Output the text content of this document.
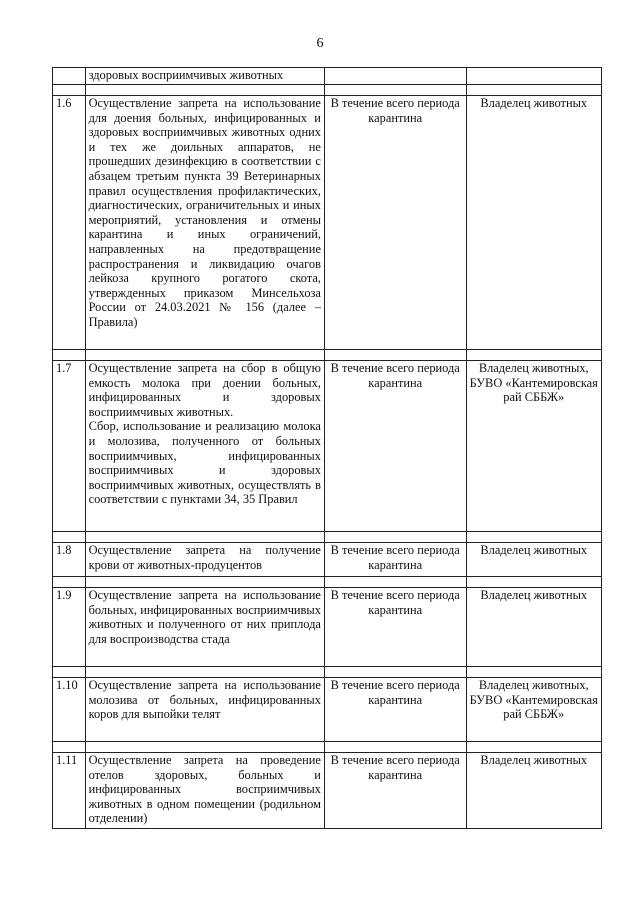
6
	здоровых восприимчивых животных		

1.6	Осуществление запрета на использование для доения больных, инфицированных и здоровых восприимчивых животных одних и тех же доильных аппаратов, не прошедших дезинфекцию в соответствии с абзацем третьим пункта 39 Ветеринарных правил осуществления профилактических, диагностических, ограничительных и иных мероприятий, установления и отмены карантина и иных ограничений, направленных на предотвращение распространения и ликвидацию очагов лейкоза крупного рогатого скота, утвержденных приказом Минсельхоза России от 24.03.2021 № 156 (далее – Правила)	В течение всего периода карантина	Владелец животных

1.7	Осуществление запрета на сбор в общую емкость молока при доении больных, инфицированных и здоровых восприимчивых животных.
Сбор, использование и реализацию молока и молозива, полученного от больных восприимчивых, инфицированных восприимчивых и здоровых восприимчивых животных, осуществлять в соответствии с пунктами 34, 35 Правил	В течение всего периода карантина	Владелец животных, БУВО «Кантемировская рай СББЖ»

1.8	Осуществление запрета на получение крови от животных-продуцентов	В течение всего периода карантина	Владелец животных

1.9	Осуществление запрета на использование больных, инфицированных восприимчивых животных и полученного от них приплода для воспроизводства стада	В течение всего периода карантина	Владелец животных

1.10	Осуществление запрета на использование молозива от больных, инфицированных коров для выпойки телят	В течение всего периода карантина	Владелец животных, БУВО «Кантемировская рай СББЖ»

1.11	Осуществление запрета на проведение отелов здоровых, больных и инфицированных восприимчивых животных в одном помещении (родильном отделении)	В течение всего периода карантина	Владелец животных
